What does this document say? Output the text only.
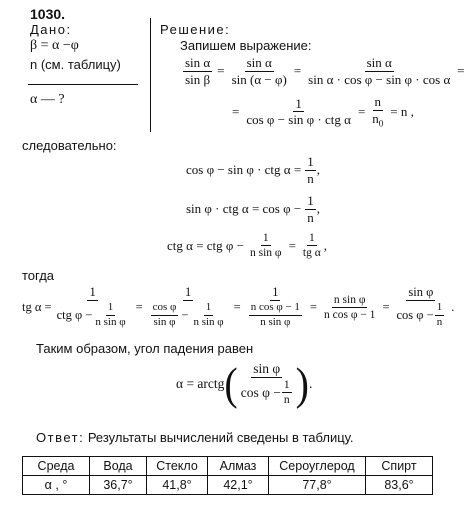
1030.
Дано:
β = α −φ
n (см. таблицу)
α — ?
Решение:
Запишем выражение:
$\frac{\text{sin α}}{\text{sin β}} = \frac{\text{sin α}}{\sin (\alpha - \varphi)} = \frac{\text{sin α}}{\text{sin α · cos φ − sin φ · cos α}}$ =
= $\frac{1}{\text{cos φ − sin φ · ctg α}} = \frac{n}{n_0} = n$ ,
следовательно:
cos φ − sin φ · ctg $\alpha = \frac{1}{n}$ ,
sin φ · ctg $\alpha = \cos \varphi - \frac{1}{n}$ ,
ctg α = ctg $\varphi - \frac{1}{\text{n sin φ}} = \frac{1}{\text{tg α}}$ ,
тогда
tg $\alpha = \frac{1}{ctg \varphi - \frac{1}{\text{n sin φ}}} = \frac{1}{\frac{\text{cos φ}}{\text{sin φ}} - \frac{1}{\text{n sin φ}}} = \frac{1}{\frac{\text{n cos φ − 1}}{\text{n sin φ}}} = \frac{\text{n sin φ}}{\text{n cos φ − 1}} = \frac{\text{sin φ}}{\cos \varphi - \frac{1}{n}}$ .
Таким образом, угол падения равен
α = arctg ( $\frac{\text{sin φ}}{\cos \varphi - \frac{1}{n}}$ ) .
Ответ: Результаты вычислений сведены в таблицу.
Среда	Вода	Стекло	Алмаз	Сероуглерод	Спирт
α , °	36,7°	41,8°	42,1°	77,8°	83,6°
